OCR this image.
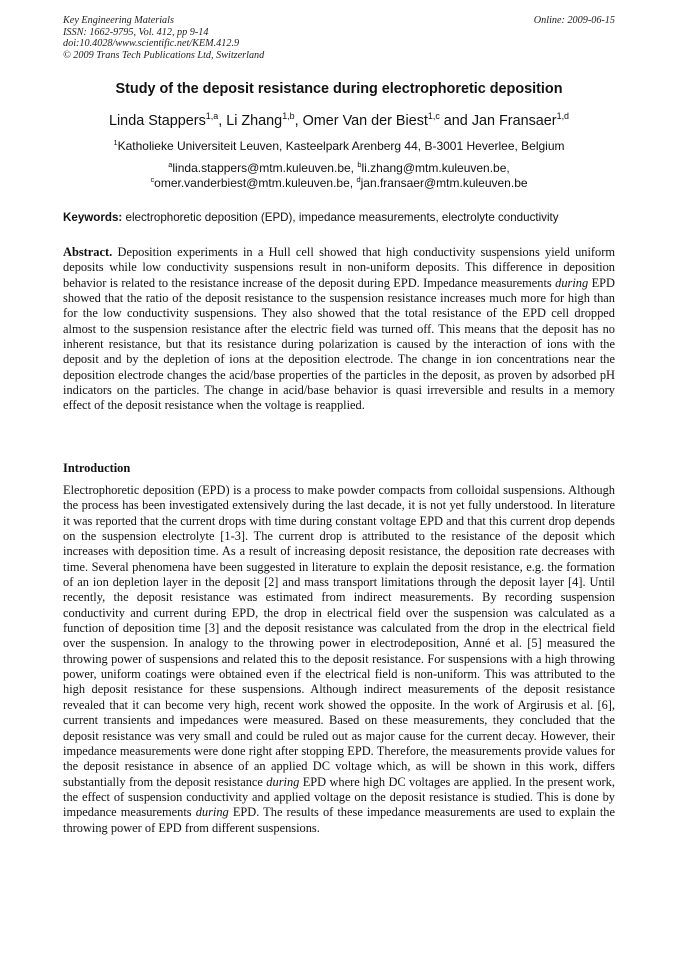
Key Engineering Materials
ISSN: 1662-9795, Vol. 412, pp 9-14
doi:10.4028/www.scientific.net/KEM.412.9
© 2009 Trans Tech Publications Ltd, Switzerland
Online: 2009-06-15
Study of the deposit resistance during electrophoretic deposition
Linda Stappers$^{1,a}$, Li Zhang$^{1,b}$, Omer Van der Biest$^{1,c}$ and Jan Fransaer$^{1,d}$
$^1$Katholieke Universiteit Leuven, Kasteelpark Arenberg 44, B-3001 Heverlee, Belgium
$^a$linda.stappers@mtm.kuleuven.be, $^b$li.zhang@mtm.kuleuven.be,
$^c$omer.vanderbiest@mtm.kuleuven.be, $^d$jan.fransaer@mtm.kuleuven.be
Keywords: electrophoretic deposition (EPD), impedance measurements, electrolyte conductivity

Abstract. Deposition experiments in a Hull cell showed that high conductivity suspensions yield uniform deposits while low conductivity suspensions result in non-uniform deposits. This difference in deposition behavior is related to the resistance increase of the deposit during EPD. Impedance measurements during EPD showed that the ratio of the deposit resistance to the suspension resistance increases much more for high than for the low conductivity suspensions. They also showed that the total resistance of the EPD cell dropped almost to the suspension resistance after the electric field was turned off. This means that the deposit has no inherent resistance, but that its resistance during polarization is caused by the interaction of ions with the deposit and by the depletion of ions at the deposition electrode. The change in ion concentrations near the deposition electrode changes the acid/base properties of the particles in the deposit, as proven by adsorbed pH indicators on the particles. The change in acid/base behavior is quasi irreversible and results in a memory effect of the deposit resistance when the voltage is reapplied.

Introduction

Electrophoretic deposition (EPD) is a process to make powder compacts from colloidal suspensions. Although the process has been investigated extensively during the last decade, it is not yet fully understood. In literature it was reported that the current drops with time during constant voltage EPD and that this current drop depends on the suspension electrolyte [1-3]. The current drop is attributed to the resistance of the deposit which increases with deposition time. As a result of increasing deposit resistance, the deposition rate decreases with time. Several phenomena have been suggested in literature to explain the deposit resistance, e.g. the formation of an ion depletion layer in the deposit [2] and mass transport limitations through the deposit layer [4]. Until recently, the deposit resistance was estimated from indirect measurements. By recording suspension conductivity and current during EPD, the drop in electrical field over the suspension was calculated as a function of deposition time [3] and the deposit resistance was calculated from the drop in the electrical field over the suspension. In analogy to the throwing power in electrodeposition, Anné et al. [5] measured the throwing power of suspensions and related this to the deposit resistance. For suspensions with a high throwing power, uniform coatings were obtained even if the electrical field is non-uniform. This was attributed to the high deposit resistance for these suspensions. Although indirect measurements of the deposit resistance revealed that it can become very high, recent work showed the opposite. In the work of Argirusis et al. [6], current transients and impedances were measured. Based on these measurements, they concluded that the deposit resistance was very small and could be ruled out as major cause for the current decay. However, their impedance measurements were done right after stopping EPD. Therefore, the measurements provide values for the deposit resistance in absence of an applied DC voltage which, as will be shown in this work, differs substantially from the deposit resistance during EPD where high DC voltages are applied. In the present work, the effect of suspension conductivity and applied voltage on the deposit resistance is studied. This is done by impedance measurements during EPD. The results of these impedance measurements are used to explain the throwing power of EPD from different suspensions.
